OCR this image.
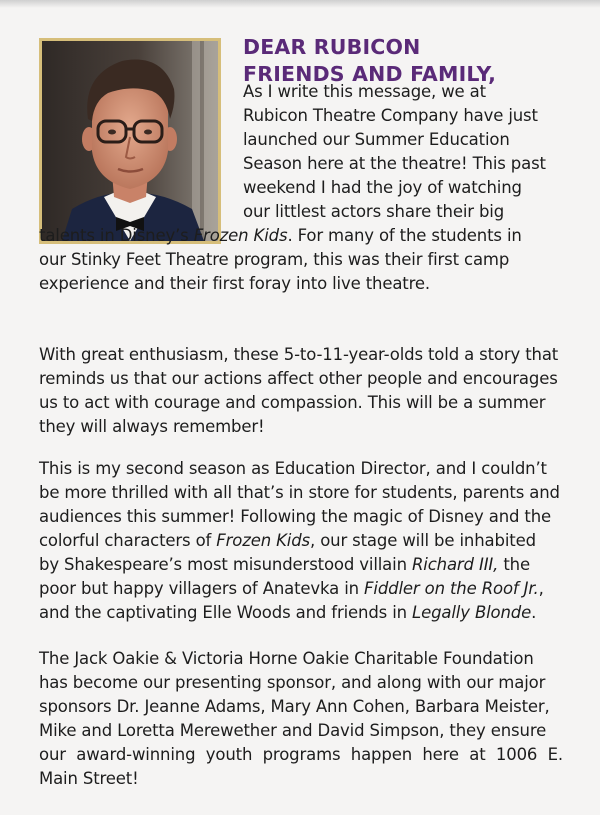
DEAR RUBICON
FRIENDS AND FAMILY,
As I write this message, we at
Rubicon Theatre Company have just
launched our Summer Education
Season here at the theatre! This past
weekend I had the joy of watching
our littlest actors share their big
talents in Disney’s Frozen Kids. For many of the students in
our Stinky Feet Theatre program, this was their first camp
experience and their first foray into live theatre.
With great enthusiasm, these 5-to-11-year-olds told a story that
reminds us that our actions affect other people and encourages
us to act with courage and compassion. This will be a summer
they will always remember!
This is my second season as Education Director, and I couldn’t
be more thrilled with all that’s in store for students, parents and
audiences this summer! Following the magic of Disney and the
colorful characters of Frozen Kids, our stage will be inhabited
by Shakespeare’s most misunderstood villain Richard III, the
poor but happy villagers of Anatevka in Fiddler on the Roof Jr.,
and the captivating Elle Woods and friends in Legally Blonde.
The Jack Oakie & Victoria Horne Oakie Charitable Foundation
has become our presenting sponsor, and along with our major
sponsors Dr. Jeanne Adams, Mary Ann Cohen, Barbara Meister,
Mike and Loretta Merewether and David Simpson, they ensure
our award-winning youth programs happen here at 1006 E.
Main Street!
